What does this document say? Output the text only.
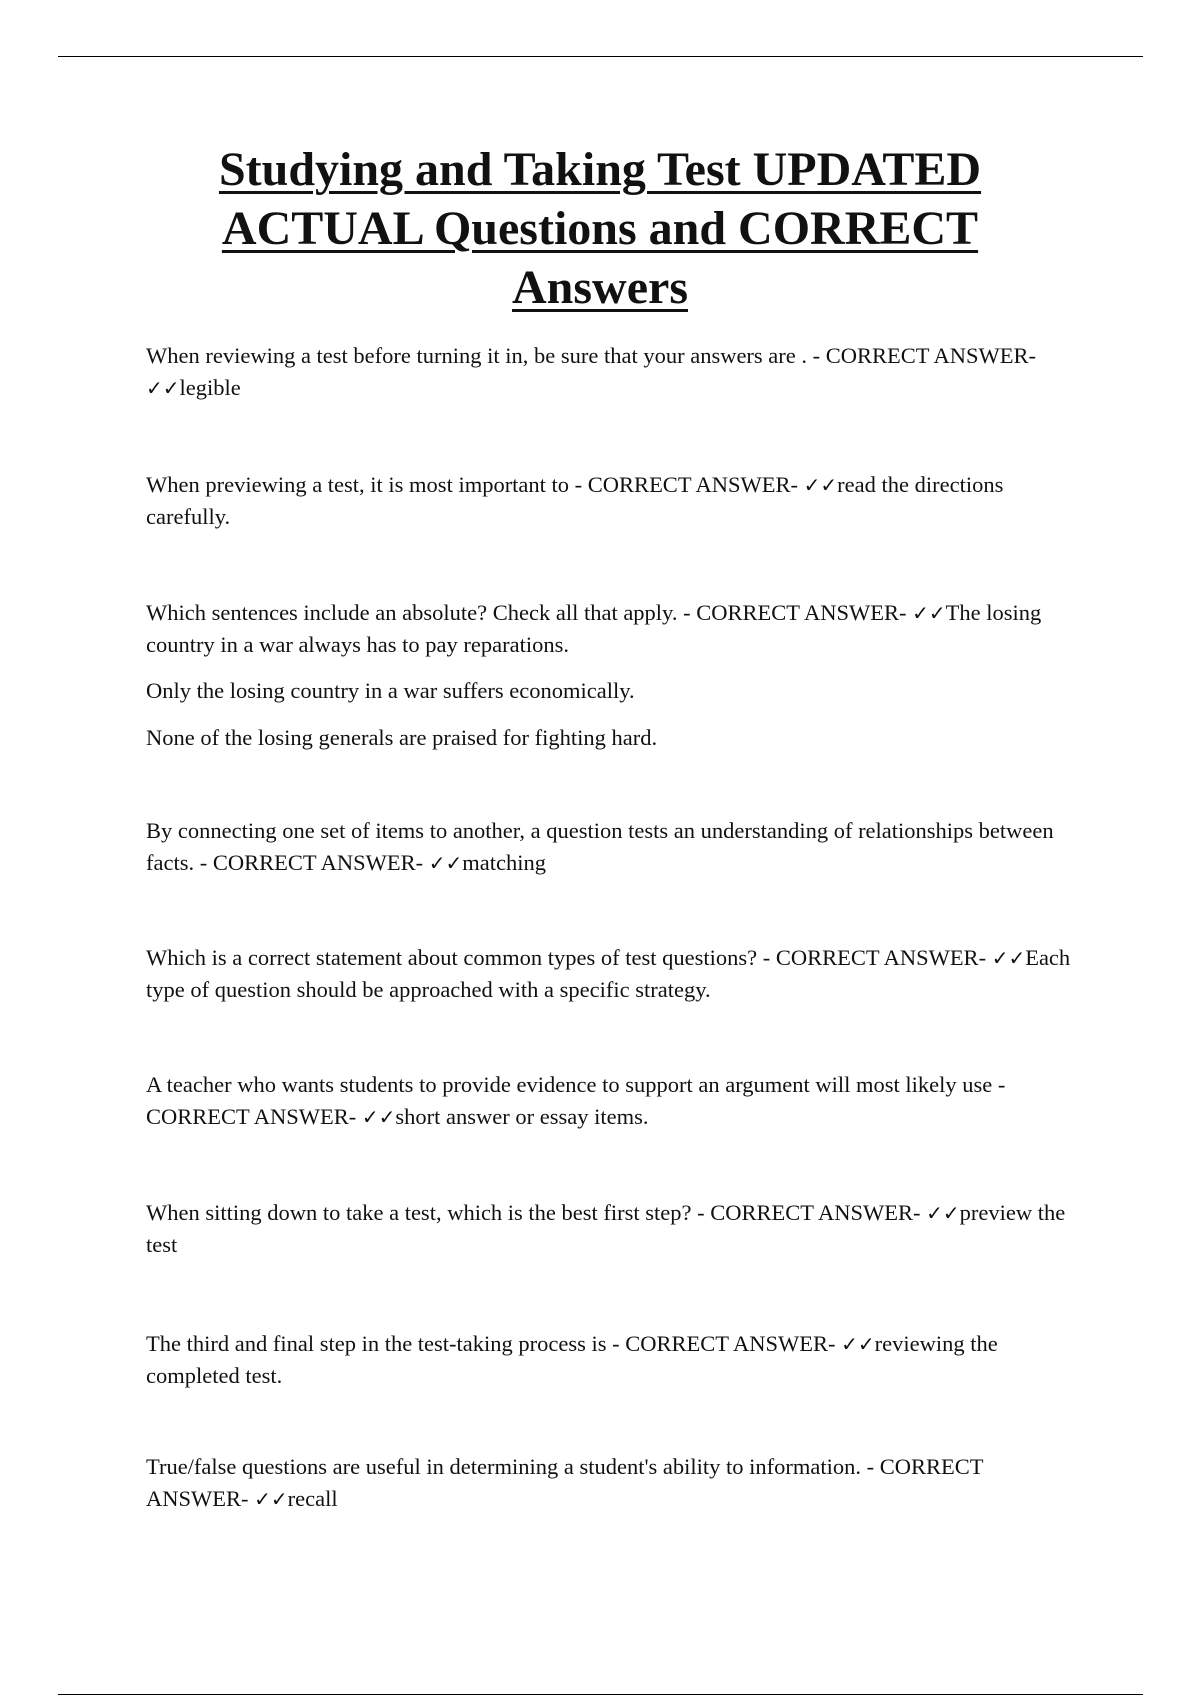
Studying and Taking Test UPDATED
ACTUAL Questions and CORRECT
Answers

When reviewing a test before turning it in, be sure that your answers are . - CORRECT ANSWER- ✓✓legible

When previewing a test, it is most important to - CORRECT ANSWER- ✓✓read the directions carefully.

Which sentences include an absolute? Check all that apply. - CORRECT ANSWER- ✓✓The losing country in a war always has to pay reparations.

Only the losing country in a war suffers economically.

None of the losing generals are praised for fighting hard.

By connecting one set of items to another, a question tests an understanding of relationships between facts. - CORRECT ANSWER- ✓✓matching

Which is a correct statement about common types of test questions? - CORRECT ANSWER- ✓✓Each type of question should be approached with a specific strategy.

A teacher who wants students to provide evidence to support an argument will most likely use - CORRECT ANSWER- ✓✓short answer or essay items.

When sitting down to take a test, which is the best first step? - CORRECT ANSWER- ✓✓preview the test

The third and final step in the test-taking process is - CORRECT ANSWER- ✓✓reviewing the completed test.

True/false questions are useful in determining a student's ability to information. - CORRECT ANSWER- ✓✓recall
